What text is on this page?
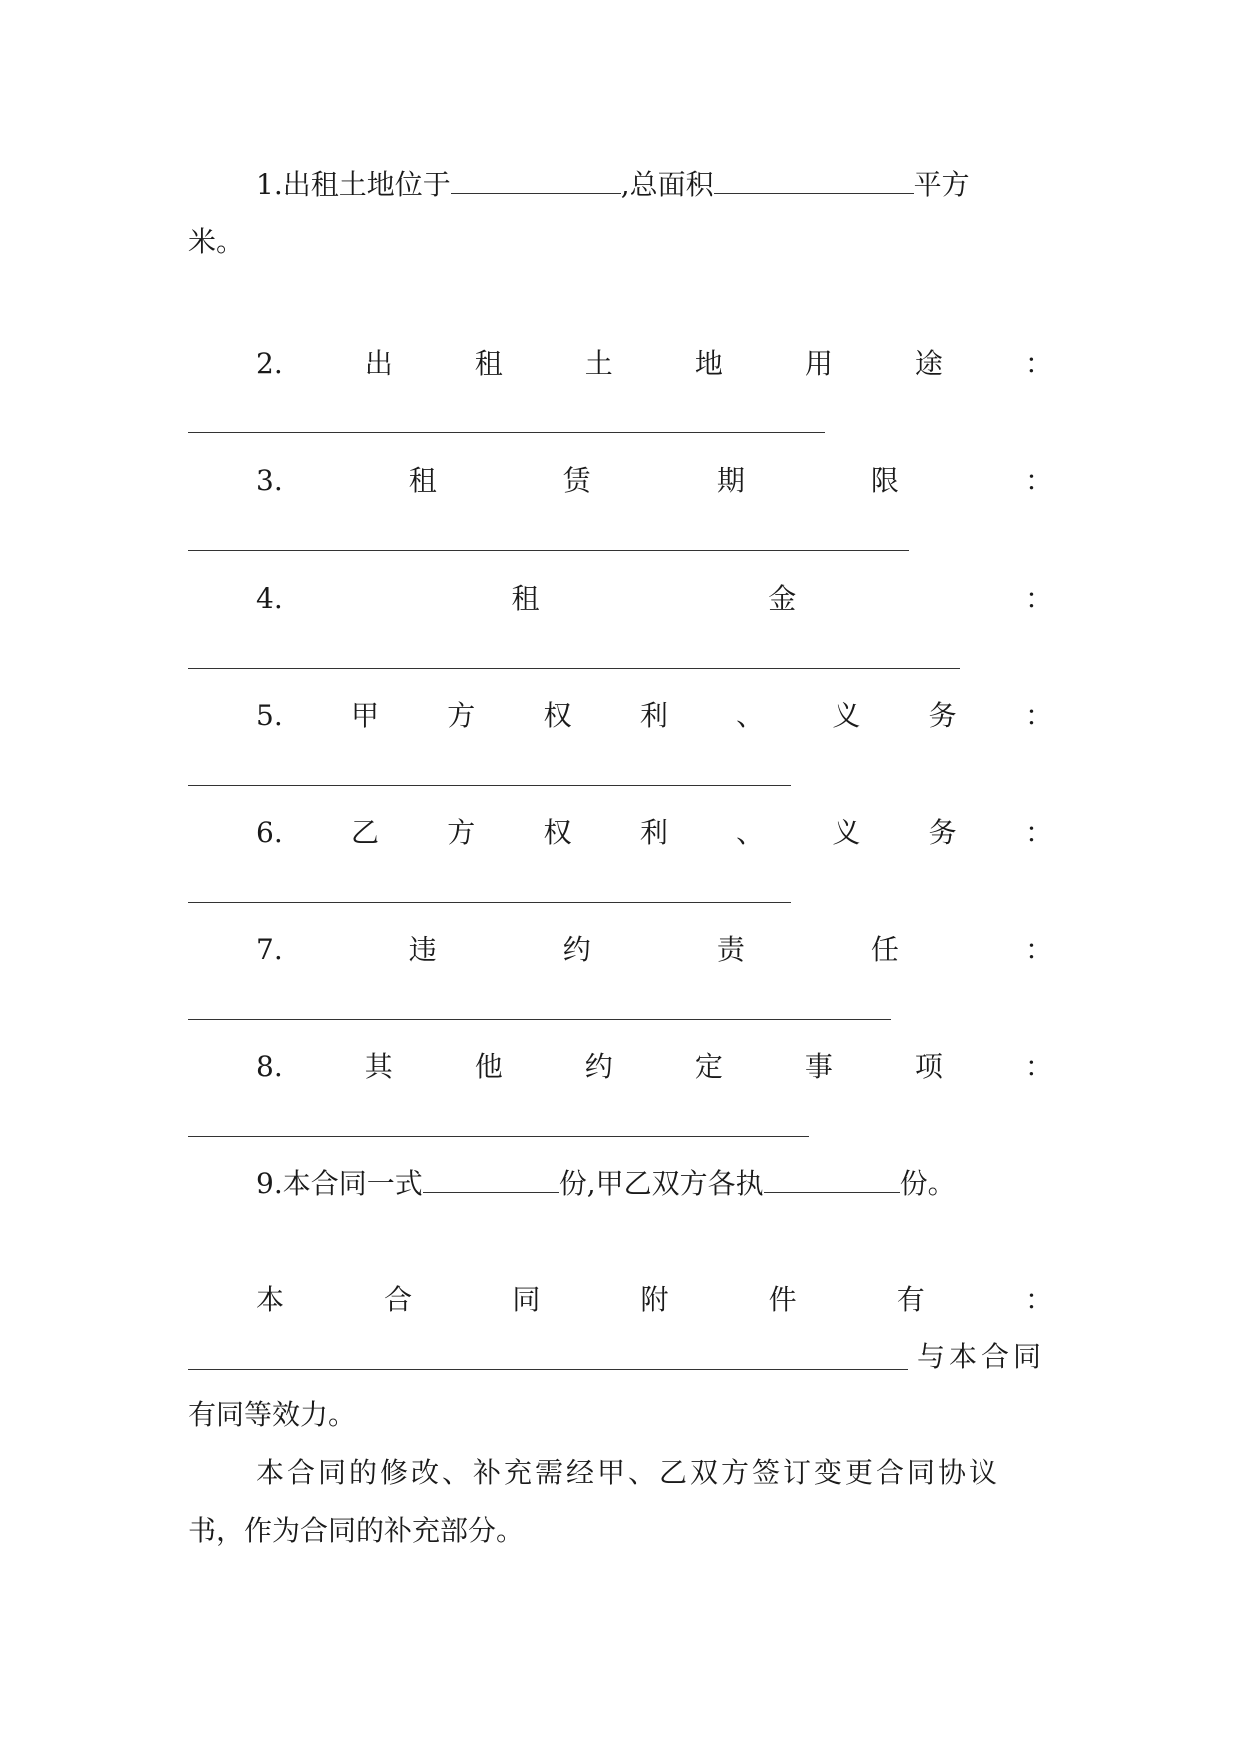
1.出租土地位于	,总面积	平方
米。
2.	出	租	土	地	用	途	：
3.	租	赁	期	限	：
4.	租	金	：
5. 甲 方 权 利 、 义 务 ：
6. 乙 方 权 利 、 义 务 ：
7.	违	约	责	任	：
8.	其	他	约	定	事	项	：
9.本合同一式	份,甲乙双方各执	份。
本	合	同	附	件	有	：
与本合同
有同等效力。
本合同的修改、补充需经甲、乙双方签订变更合同协议
书，作为合同的补充部分。
